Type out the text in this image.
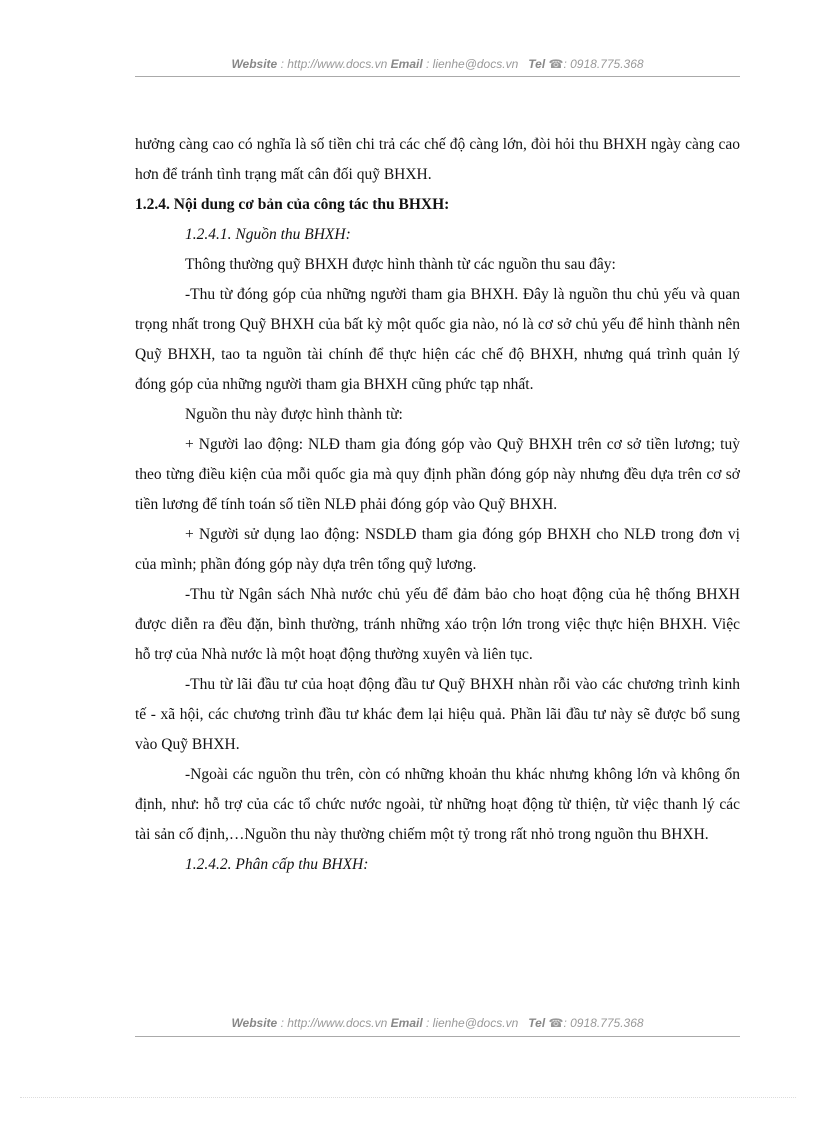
Website : http://www.docs.vn Email : lienhe@docs.vn Tel ☎: 0918.775.368

hưởng càng cao có nghĩa là số tiền chi trả các chế độ càng lớn, đòi hỏi thu BHXH ngày càng cao hơn để tránh tình trạng mất cân đối quỹ BHXH.

1.2.4. Nội dung cơ bản của công tác thu BHXH:

1.2.4.1. Nguồn thu BHXH:

Thông thường quỹ BHXH được hình thành từ các nguồn thu sau đây:

-Thu từ đóng góp của những người tham gia BHXH. Đây là nguồn thu chủ yếu và quan trọng nhất trong Quỹ BHXH của bất kỳ một quốc gia nào, nó là cơ sở chủ yếu để hình thành nên Quỹ BHXH, tao ta nguồn tài chính để thực hiện các chế độ BHXH, nhưng quá trình quản lý đóng góp của những người tham gia BHXH cũng phức tạp nhất.

Nguồn thu này được hình thành từ:

+ Người lao động: NLĐ tham gia đóng góp vào Quỹ BHXH trên cơ sở tiền lương; tuỳ theo từng điều kiện của mỗi quốc gia mà quy định phần đóng góp này nhưng đều dựa trên cơ sở tiền lương để tính toán số tiền NLĐ phải đóng góp vào Quỹ BHXH.

+ Người sử dụng lao động: NSDLĐ tham gia đóng góp BHXH cho NLĐ trong đơn vị của mình; phần đóng góp này dựa trên tổng quỹ lương.

-Thu từ Ngân sách Nhà nước chủ yếu để đảm bảo cho hoạt động của hệ thống BHXH được diễn ra đều đặn, bình thường, tránh những xáo trộn lớn trong việc thực hiện BHXH. Việc hỗ trợ của Nhà nước là một hoạt động thường xuyên và liên tục.

-Thu từ lãi đầu tư của hoạt động đầu tư Quỹ BHXH nhàn rỗi vào các chương trình kinh tế - xã hội, các chương trình đầu tư khác đem lại hiệu quả. Phần lãi đầu tư này sẽ được bổ sung vào Quỹ BHXH.

-Ngoài các nguồn thu trên, còn có những khoản thu khác nhưng không lớn và không ổn định, như: hỗ trợ của các tổ chức nước ngoài, từ những hoạt động từ thiện, từ việc thanh lý các tài sản cố định,…Nguồn thu này thường chiếm một tỷ trong rất nhỏ trong nguồn thu BHXH.

1.2.4.2. Phân cấp thu BHXH:

Website : http://www.docs.vn Email : lienhe@docs.vn Tel ☎: 0918.775.368
